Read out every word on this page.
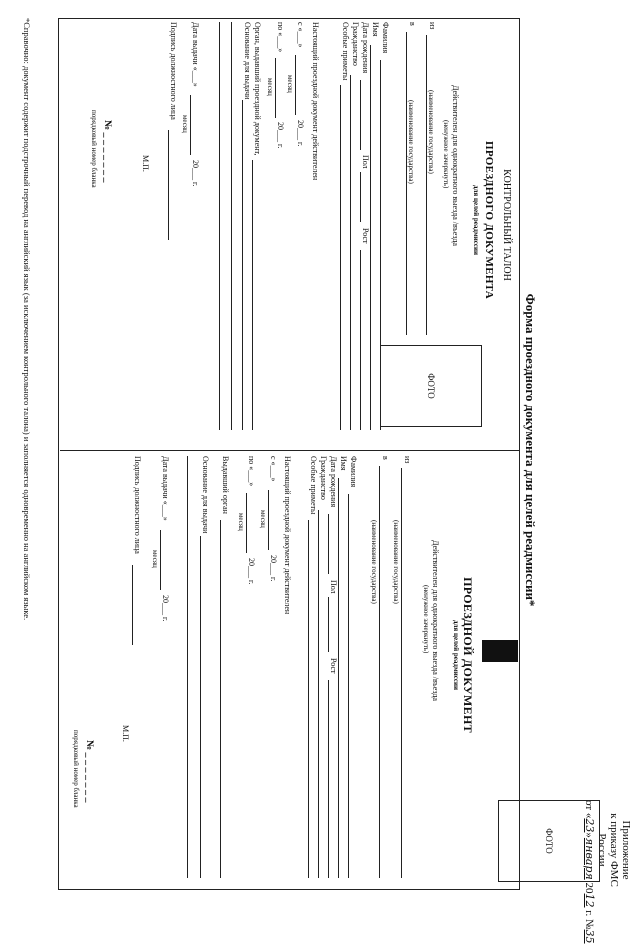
Приложение
к приказу ФМС России
от «23»января 2012 г. №35
Форма проездного документа для целей реадмиссии*
КОНТРОЛЬНЫЙ ТАЛОН
ПРОЕЗДНОГО ДОКУМЕНТА
для целей реадмиссии
ФОТО
Действителен для однократного выезда /въезда
(ненужное зачеркнуть)
из
(наименование государства)
в
(наименование государства)
Фамилия
Имя
Дата рождения
Пол
Рост
Гражданство
Особые приметы
Настоящий проездной документ действителен
с «___»
20___ г.
месяц
по «___»
20___ г.
месяц
Орган, выдавший проездной документ,
Основание для выдачи
Дата выдачи «___»
20___ г.
месяц
Подпись должностного лица
М.П.
№ _ _ _ _ _ _ _
порядковый номер бланка
ПРОЕЗДНОЙ ДОКУМЕНТ
для целей реадмиссии
ФОТО
Действителен для однократного выезда /въезда
(ненужное зачеркнуть)
из
(наименование государства)
в
(наименование государства)
Фамилия
Имя
Дата рождения
Пол
Рост
Гражданство
Особые приметы
Настоящий проездной документ действителен
с «___»
20___ г.
месяц
по «___»
20___ г.
месяц
Выдавший орган
Основание для выдачи
Дата выдачи «___»
20___ г.
месяц
Подпись должностного лица
М.П.
№ _ _ _ _ _ _ _
порядковый номер бланка
*Справочно: документ содержит подстрочный перевод на английский язык (за исключением контрольного талона) и заполняется одновременно на английском языке.
